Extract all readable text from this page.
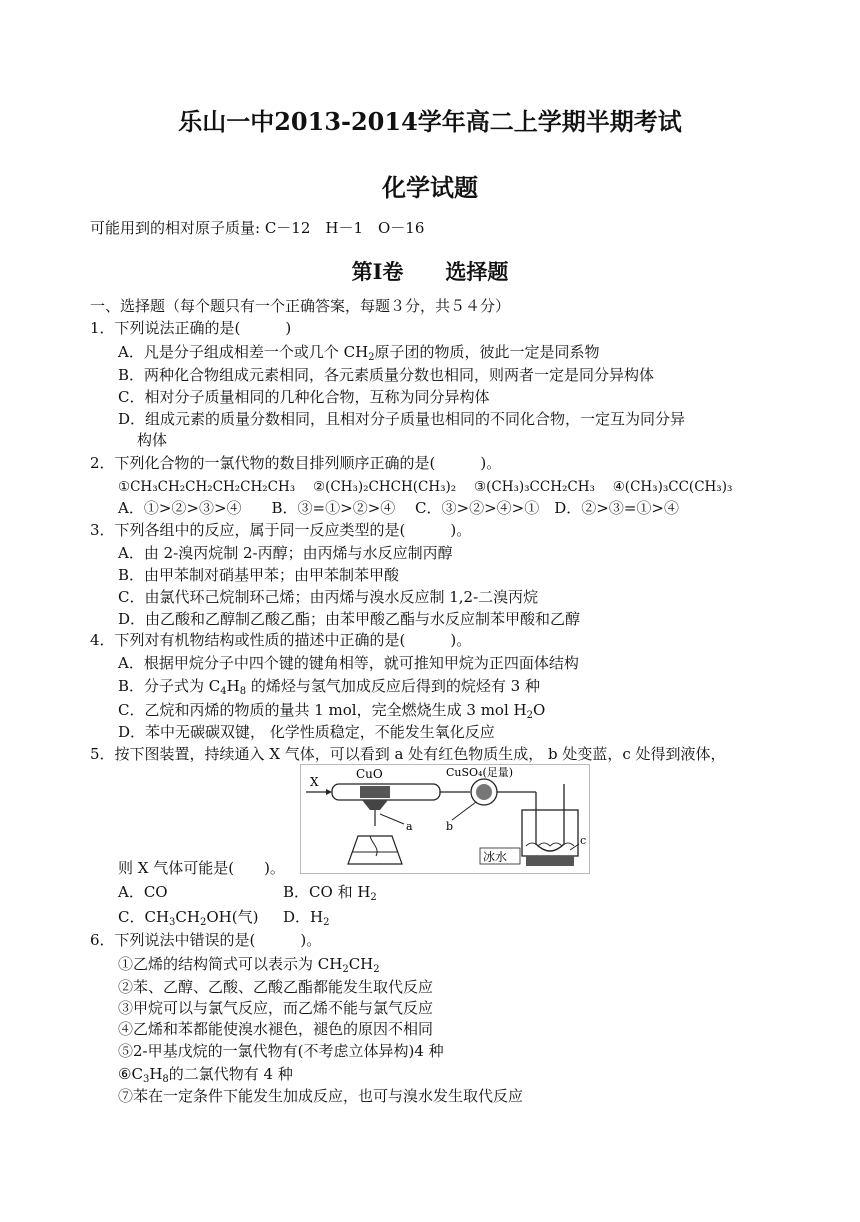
乐山一中2013-2014学年高二上学期半期考试
化学试题
可能用到的相对原子质量: C－12　H－1　O－16
第Ⅰ卷　　选择题
一、选择题（每个题只有一个正确答案，每题３分，共５４分）
1．下列说法正确的是(　　　)
A．凡是分子组成相差一个或几个 $CH_2$原子团的物质，彼此一定是同系物
B．两种化合物组成元素相同，各元素质量分数也相同，则两者一定是同分异构体
C．相对分子质量相同的几种化合物，互称为同分异构体
D．组成元素的质量分数相同，且相对分子质量也相同的不同化合物，一定互为同分异
构体
2．下列化合物的一氯代物的数目排列顺序正确的是(　　　)。
①CH₃CH₂CH₂CH₂CH₂CH₃　 ②(CH₃)₂CHCH(CH₃)₂　 ③(CH₃)₃CCH₂CH₃　 ④(CH₃)₃CC(CH₃)₃
A．①>②>③>④　　B．③=①>②>④　 C．③>②>④>①　D．②>③=①>④
3．下列各组中的反应，属于同一反应类型的是(　　　)。
A．由 2-溴丙烷制 2-丙醇；由丙烯与水反应制丙醇
B．由甲苯制对硝基甲苯；由甲苯制苯甲酸
C．由氯代环己烷制环己烯；由丙烯与溴水反应制 1,2-二溴丙烷
D．由乙酸和乙醇制乙酸乙酯；由苯甲酸乙酯与水反应制苯甲酸和乙醇
4．下列对有机物结构或性质的描述中正确的是(　　　)。
A．根据甲烷分子中四个键的键角相等，就可推知甲烷为正四面体结构
B．分子式为 $C_4H_8$ 的烯烃与氢气加成反应后得到的烷烃有 3 种
C．乙烷和丙烯的物质的量共 1 mol，完全燃烧生成 3 mol $H_2O$
D．苯中无碳碳双键， 化学性质稳定，不能发生氧化反应
5．按下图装置，持续通入 X 气体，可以看到 a 处有红色物质生成， b 处变蓝，c 处得到液体，
X
CuO
a
CuSO₄(足量)
b
c
冰水
则 X 气体可能是(　　)。
A．CO	B．CO 和 $H_2$
C．$CH_3CH_2OH$(气) D．$H_2$
6．下列说法中错误的是(　　　)。
①乙烯的结构简式可以表示为 $CH_2CH_2$
②苯、乙醇、乙酸、乙酸乙酯都能发生取代反应
③甲烷可以与氯气反应，而乙烯不能与氯气反应
④乙烯和苯都能使溴水褪色，褪色的原因不相同
⑤2-甲基戊烷的一氯代物有(不考虑立体异构)4 种
$⑥C_3H_8$的二氯代物有 4 种
⑦苯在一定条件下能发生加成反应，也可与溴水发生取代反应
